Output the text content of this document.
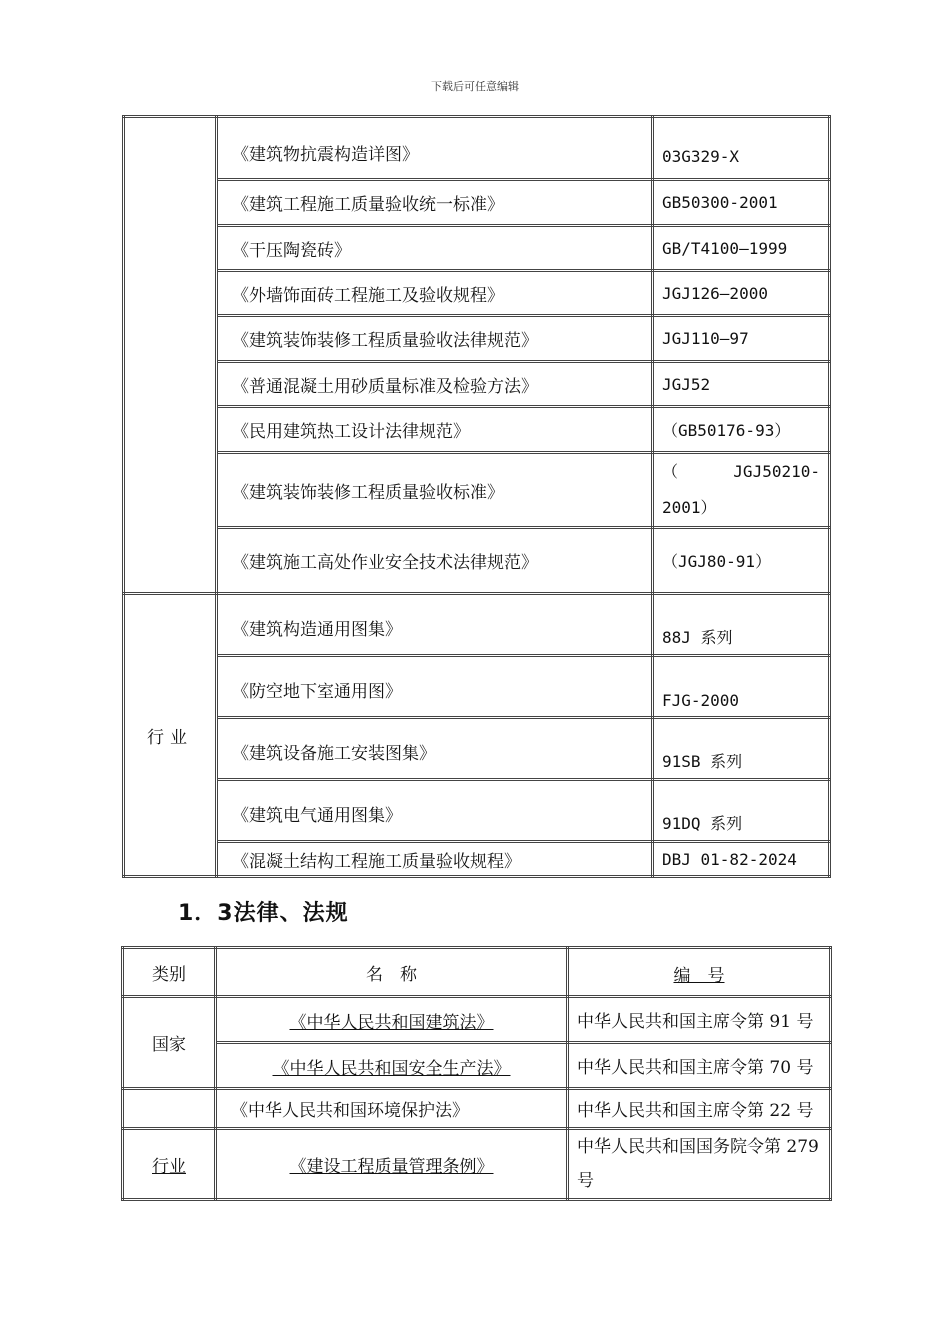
下载后可任意编辑
	《建筑物抗震构造详图》	03G329-X
	《建筑工程施工质量验收统一标准》	GB50300-2001
	《干压陶瓷砖》	GB/T4100—1999
	《外墙饰面砖工程施工及验收规程》	JGJ126—2000
	《建筑装饰装修工程质量验收法律规范》	JGJ110—97
	《普通混凝土用砂质量标准及检验方法》	JGJ52
	《民用建筑热工设计法律规范》	（GB50176-93）
	《建筑装饰装修工程质量验收标准》	（ JGJ50210-
2001）

	《建筑施工高处作业安全技术法律规范》	（JGJ80-91）
行业	《建筑构造通用图集》	88J 系列
	《防空地下室通用图》	FJG-2000
	《建筑设备施工安装图集》	91SB 系列
	《建筑电气通用图集》	91DQ 系列
	《混凝土结构工程施工质量验收规程》	DBJ 01-82-2024
1．3法律、法规
类别	名　称	编　号
国家	《中华人民共和国建筑法》	中华人民共和国主席令第 91 号
	《中华人民共和国安全生产法》	中华人民共和国主席令第 70 号
	《中华人民共和国环境保护法》	中华人民共和国主席令第 22 号
行业	《建设工程质量管理条例》	中华人民共和国国务院令第 279 号
